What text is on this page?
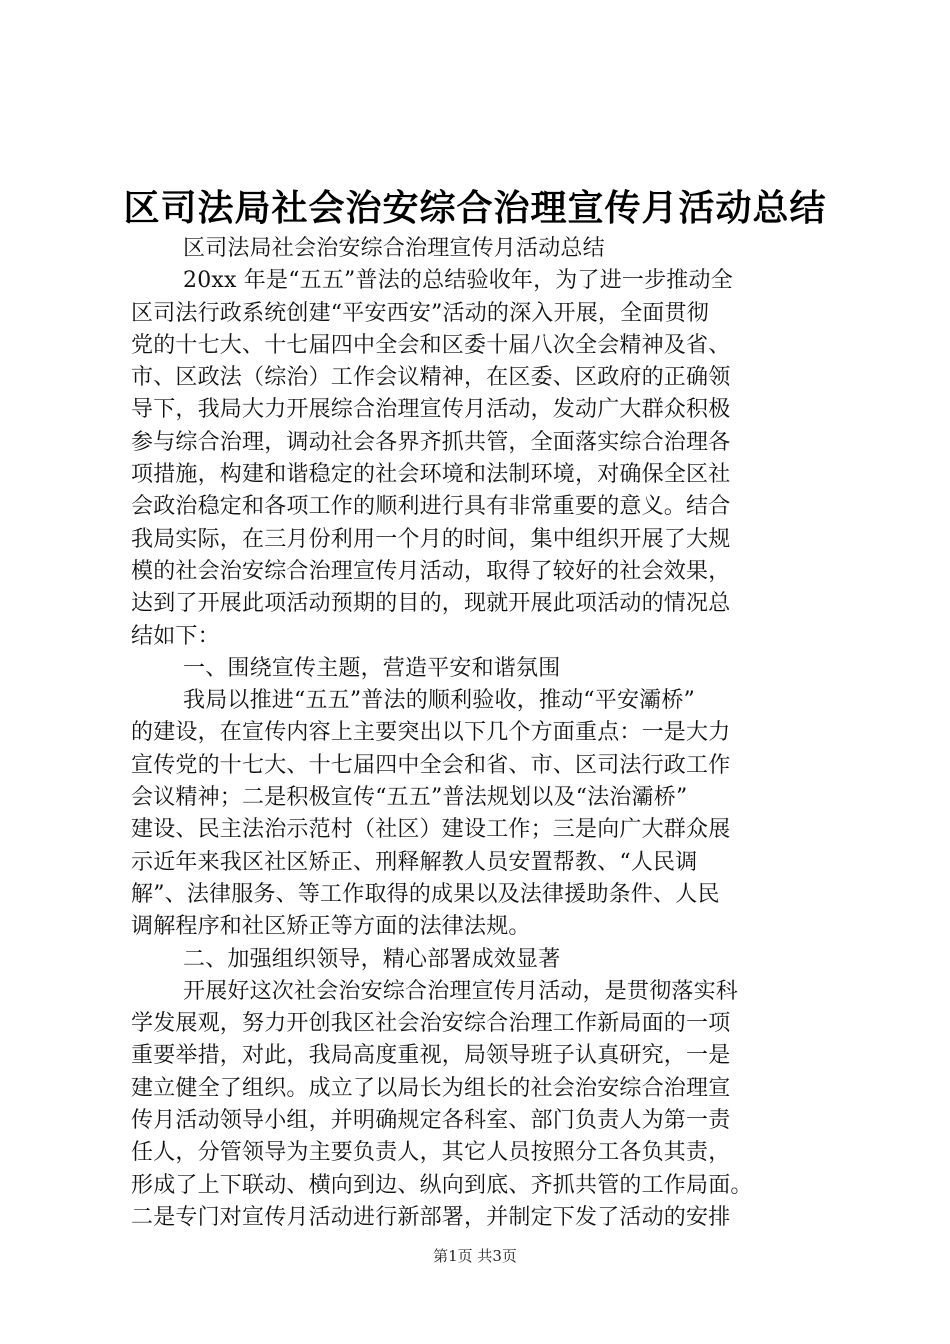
区司法局社会治安综合治理宣传月活动总结
区司法局社会治安综合治理宣传月活动总结
20xx 年是“五五”普法的总结验收年，为了进一步推动全
区司法行政系统创建“平安西安”活动的深入开展，全面贯彻
党的十七大、十七届四中全会和区委十届八次全会精神及省、
市、区政法（综治）工作会议精神，在区委、区政府的正确领
导下，我局大力开展综合治理宣传月活动，发动广大群众积极
参与综合治理，调动社会各界齐抓共管，全面落实综合治理各
项措施，构建和谐稳定的社会环境和法制环境，对确保全区社
会政治稳定和各项工作的顺利进行具有非常重要的意义。结合
我局实际，在三月份利用一个月的时间，集中组织开展了大规
模的社会治安综合治理宣传月活动，取得了较好的社会效果，
达到了开展此项活动预期的目的，现就开展此项活动的情况总
结如下：
一、围绕宣传主题，营造平安和谐氛围
我局以推进“五五”普法的顺利验收，推动“平安灞桥”
的建设，在宣传内容上主要突出以下几个方面重点：一是大力
宣传党的十七大、十七届四中全会和省、市、区司法行政工作
会议精神；二是积极宣传“五五”普法规划以及“法治灞桥”
建设、民主法治示范村（社区）建设工作；三是向广大群众展
示近年来我区社区矫正、刑释解教人员安置帮教、“人民调
解”、法律服务、等工作取得的成果以及法律援助条件、人民
调解程序和社区矫正等方面的法律法规。
二、加强组织领导，精心部署成效显著
开展好这次社会治安综合治理宣传月活动，是贯彻落实科
学发展观，努力开创我区社会治安综合治理工作新局面的一项
重要举措，对此，我局高度重视，局领导班子认真研究，一是
建立健全了组织。成立了以局长为组长的社会治安综合治理宣
传月活动领导小组，并明确规定各科室、部门负责人为第一责
任人，分管领导为主要负责人，其它人员按照分工各负其责，
形成了上下联动、横向到边、纵向到底、齐抓共管的工作局面。
二是专门对宣传月活动进行新部署，并制定下发了活动的安排
第1页 共3页
